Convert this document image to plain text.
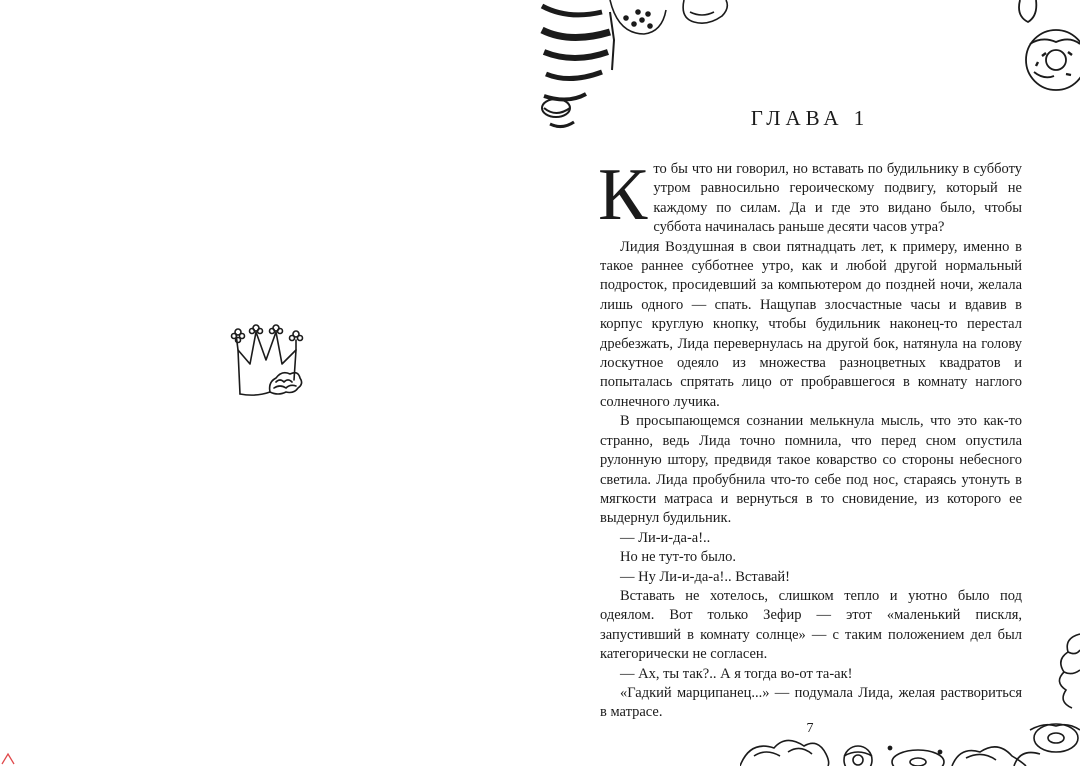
ГЛАВА 1

Кто бы что ни говорил, но вставать по будильнику в субботу утром равносильно героическому подвигу, который не каждому по силам. Да и где это видано было, чтобы суббота начиналась раньше десяти часов утра?

Лидия Воздушная в свои пятнадцать лет, к примеру, именно в такое раннее субботнее утро, как и любой другой нормальный подросток, просидевший за компьютером до поздней ночи, желала лишь одного — спать. Нащупав злосчастные часы и вдавив в корпус круглую кнопку, чтобы будильник наконец-то перестал дребезжать, Лида перевернулась на другой бок, натянула на голову лоскутное одеяло из множества разноцветных квадратов и попыталась спрятать лицо от пробравшегося в комнату наглого солнечного лучика.

В просыпающемся сознании мелькнула мысль, что это как-то странно, ведь Лида точно помнила, что перед сном опустила рулонную штору, предвидя такое коварство со стороны небесного светила. Лида пробубнила что-то себе под нос, стараясь утонуть в мягкости матраса и вернуться в то сновидение, из которого ее выдернул будильник.

— Ли-и-да-а!..

Но не тут-то было.

— Ну Ли-и-да-а!.. Вставай!

Вставать не хотелось, слишком тепло и уютно было под одеялом. Вот только Зефир — этот «маленький пискля, запустивший в комнату солнце» — с таким положением дел был категорически не согласен.

— Ах, ты так?.. А я тогда во-от та-ак!

«Гадкий марципанец...» — подумала Лида, желая раствориться в матрасе.

7
